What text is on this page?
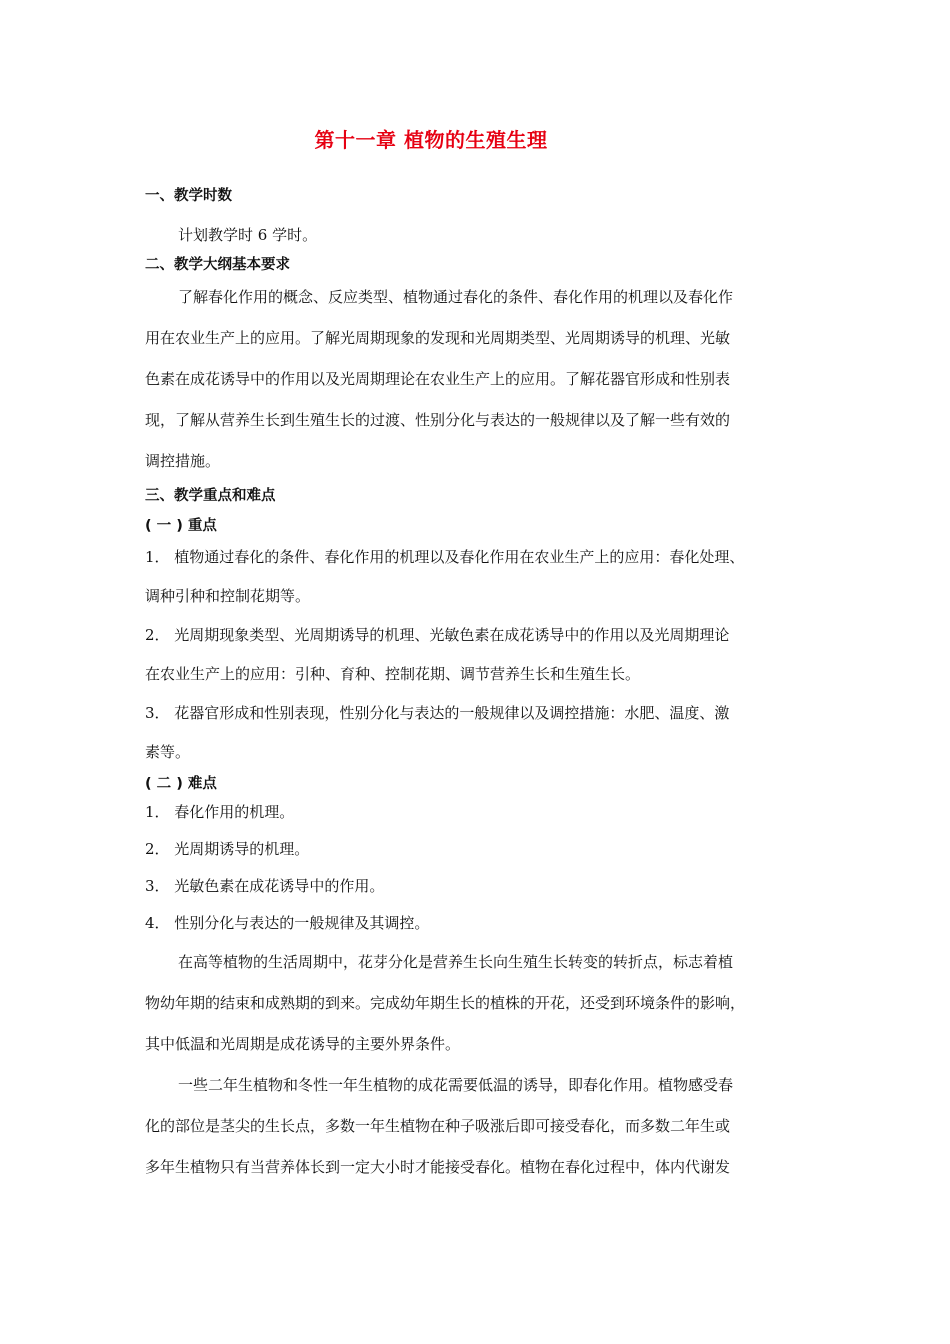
第十一章 植物的生殖生理
一、教学时数
计划教学时 6 学时。
二、教学大纲基本要求
了解春化作用的概念、反应类型、植物通过春化的条件、春化作用的机理以及春化作
用在农业生产上的应用。了解光周期现象的发现和光周期类型、光周期诱导的机理、光敏
色素在成花诱导中的作用以及光周期理论在农业生产上的应用。了解花器官形成和性别表
现，了解从营养生长到生殖生长的过渡、性别分化与表达的一般规律以及了解一些有效的
调控措施。
三、教学重点和难点
( 一 ) 重点
1． 植物通过春化的条件、春化作用的机理以及春化作用在农业生产上的应用：春化处理、
调种引种和控制花期等。
2． 光周期现象类型、光周期诱导的机理、光敏色素在成花诱导中的作用以及光周期理论
在农业生产上的应用：引种、育种、控制花期、调节营养生长和生殖生长。
3． 花器官形成和性别表现，性别分化与表达的一般规律以及调控措施：水肥、温度、激
素等。
( 二 ) 难点
1． 春化作用的机理。
2． 光周期诱导的机理。
3． 光敏色素在成花诱导中的作用。
4． 性别分化与表达的一般规律及其调控。
在高等植物的生活周期中，花芽分化是营养生长向生殖生长转变的转折点，标志着植
物幼年期的结束和成熟期的到来。完成幼年期生长的植株的开花，还受到环境条件的影响，
其中低温和光周期是成花诱导的主要外界条件。
一些二年生植物和冬性一年生植物的成花需要低温的诱导，即春化作用。植物感受春
化的部位是茎尖的生长点，多数一年生植物在种子吸涨后即可接受春化，而多数二年生或
多年生植物只有当营养体长到一定大小时才能接受春化。植物在春化过程中，体内代谢发
